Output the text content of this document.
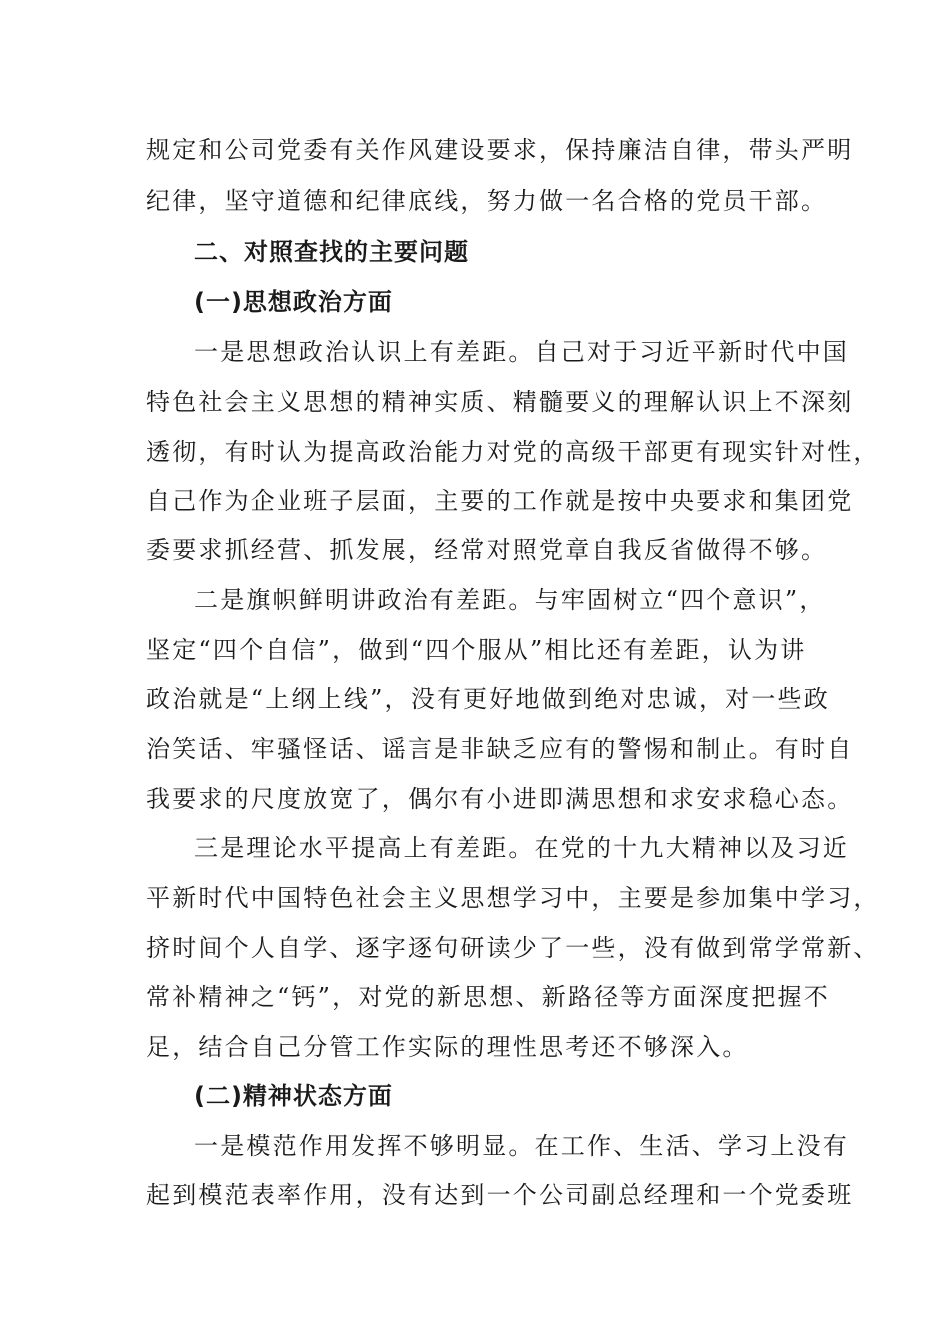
规定和公司党委有关作风建设要求，保持廉洁自律，带头严明
纪律，坚守道德和纪律底线，努力做一名合格的党员干部。
二、对照查找的主要问题
(一)思想政治方面
一是思想政治认识上有差距。自己对于习近平新时代中国
特色社会主义思想的精神实质、精髓要义的理解认识上不深刻
透彻，有时认为提高政治能力对党的高级干部更有现实针对性，
自己作为企业班子层面，主要的工作就是按中央要求和集团党
委要求抓经营、抓发展，经常对照党章自我反省做得不够。
二是旗帜鲜明讲政治有差距。与牢固树立“四个意识”，
坚定“四个自信”，做到“四个服从”相比还有差距，认为讲
政治就是“上纲上线”，没有更好地做到绝对忠诚，对一些政
治笑话、牢骚怪话、谣言是非缺乏应有的警惕和制止。有时自
我要求的尺度放宽了，偶尔有小进即满思想和求安求稳心态。
三是理论水平提高上有差距。在党的十九大精神以及习近
平新时代中国特色社会主义思想学习中，主要是参加集中学习，
挤时间个人自学、逐字逐句研读少了一些，没有做到常学常新、
常补精神之“钙”，对党的新思想、新路径等方面深度把握不
足，结合自己分管工作实际的理性思考还不够深入。
(二)精神状态方面
一是模范作用发挥不够明显。在工作、生活、学习上没有
起到模范表率作用，没有达到一个公司副总经理和一个党委班
